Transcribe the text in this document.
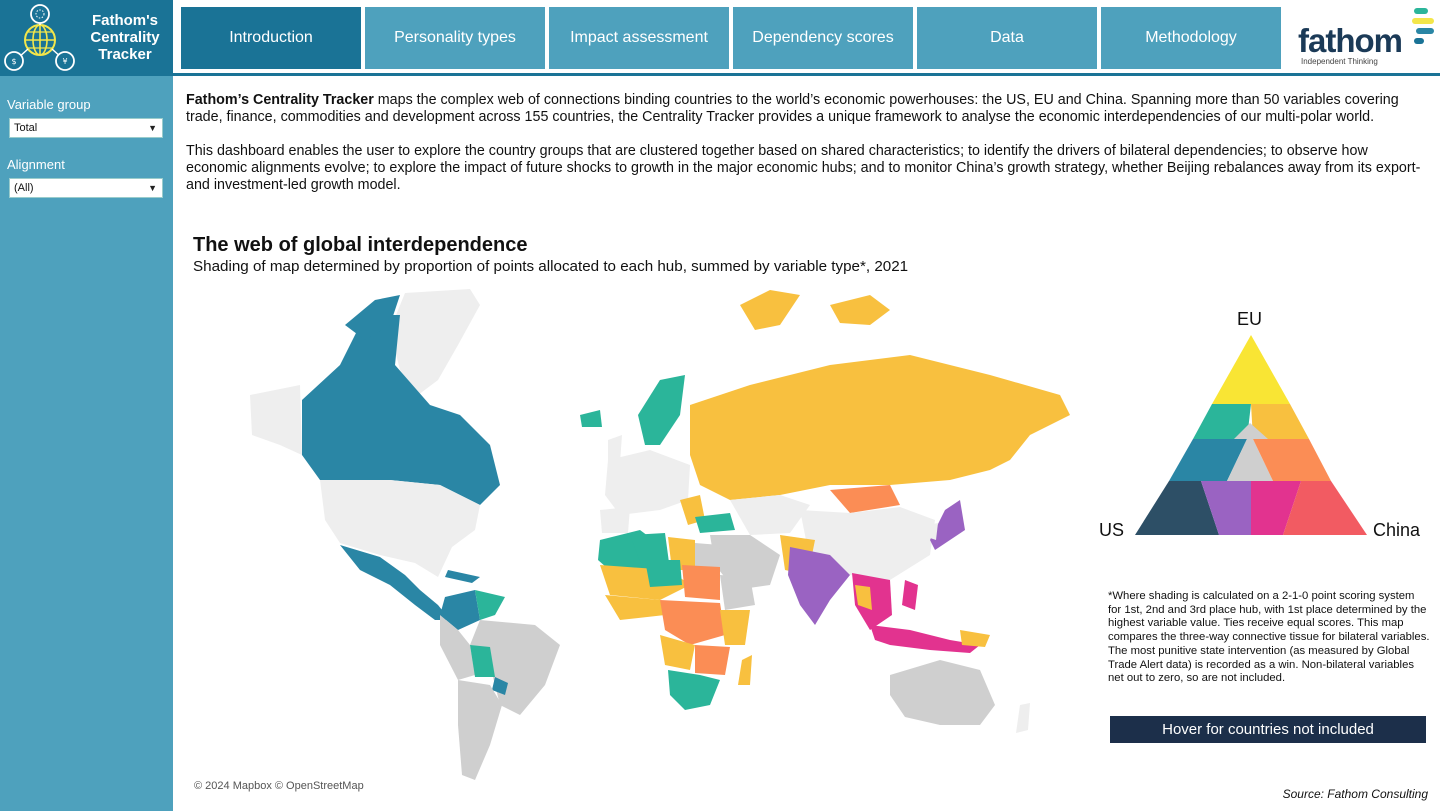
$	¥
Fathom's
Centrality
Tracker
Introduction	Personality types	Impact assessment	Dependency scores	Data	Methodology	fathom
Independent Thinking
Variable group
Total	▼
Alignment
(All)	▼

Fathom’s Centrality Tracker maps the complex web of connections binding countries to the world’s economic powerhouses: the US, EU and China. Spanning more than 50 variables covering trade, finance, commodities and development across 155 countries, the Centrality Tracker provides a unique framework to analyse the economic interdependencies of our multi-polar world.

This dashboard enables the user to explore the country groups that are clustered together based on shared characteristics; to identify the drivers of bilateral dependencies; to observe how economic alignments evolve; to explore the impact of future shocks to growth in the major economic hubs; and to monitor China’s growth strategy, whether Beijing rebalances away from its export- and investment-led growth model.

The web of global interdependence
Shading of map determined by proportion of points allocated to each hub, summed by variable type*, 2021
© 2024 Mapbox © OpenStreetMap
EU
US	China
*Where shading is calculated on a 2-1-0 point scoring system for 1st, 2nd and 3rd place hub, with 1st place determined by the highest variable value. Ties receive equal scores. This map compares the three-way connective tissue for bilateral variables. The most punitive state intervention (as measured by Global Trade Alert data) is recorded as a win. Non-bilateral variables net out to zero, so are not included.
Hover for countries not included
Source: Fathom Consulting
